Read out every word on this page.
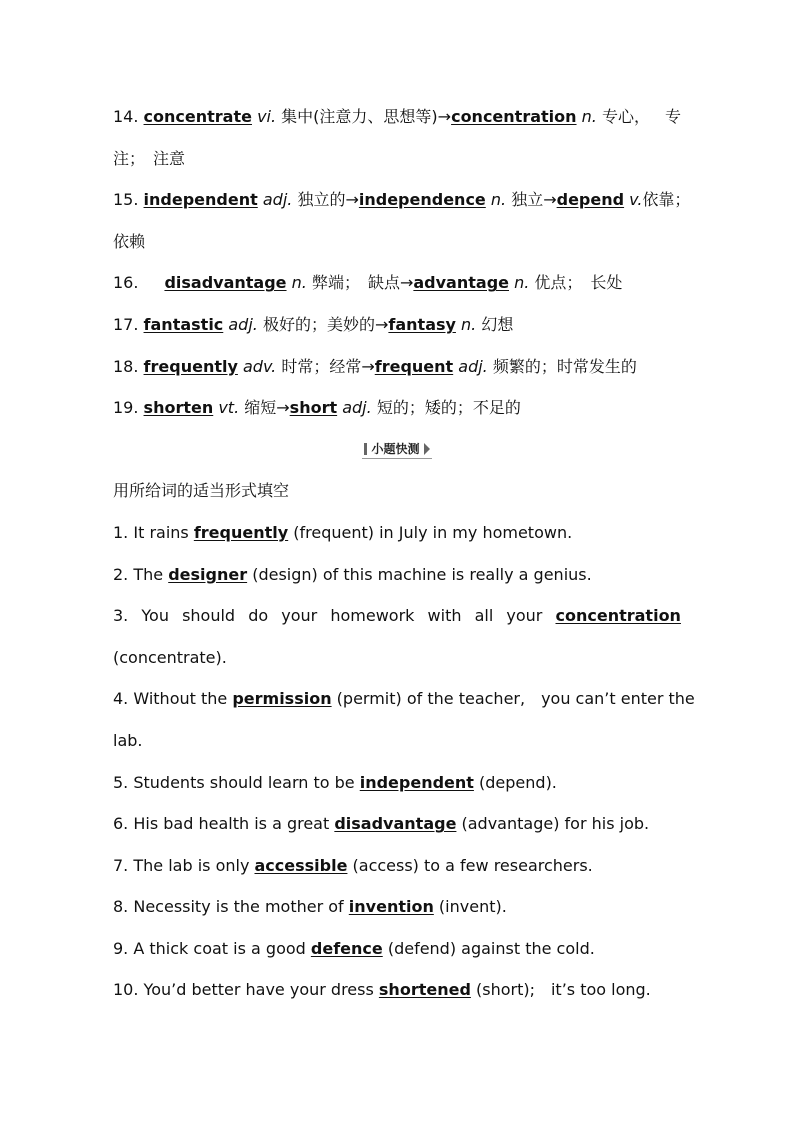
14. concentrate vi. 集中(注意力、思想等)→concentration n. 专心， 专
注；　注意
15. independent adj. 独立的→independence n. 独立→depend v. 依靠；
依赖
16. disadvantage n. 弊端；　缺点→advantage n. 优点；　长处
17. fantastic adj. 极好的；美妙的→fantasy n. 幻想
18. frequently adv. 时常；经常→frequent adj. 频繁的；时常发生的
19. shorten vt. 缩短→short adj. 短的；矮的；不足的
小题快测
用所给词的适当形式填空
1. It rains frequently (frequent) in July in my hometown.
2. The designer (design) of this machine is really a genius.
3. You should do your homework with all your concentration
(concentrate).
4. Without the permission (permit) of the teacher,　you can’t enter the
lab.
5. Students should learn to be independent (depend).
6. His bad health is a great disadvantage (advantage) for his job.
7. The lab is only accessible (access) to a few researchers.
8. Necessity is the mother of invention (invent).
9. A thick coat is a good defence (defend) against the cold.
10. You’d better have your dress shortened (short);　it’s too long.
